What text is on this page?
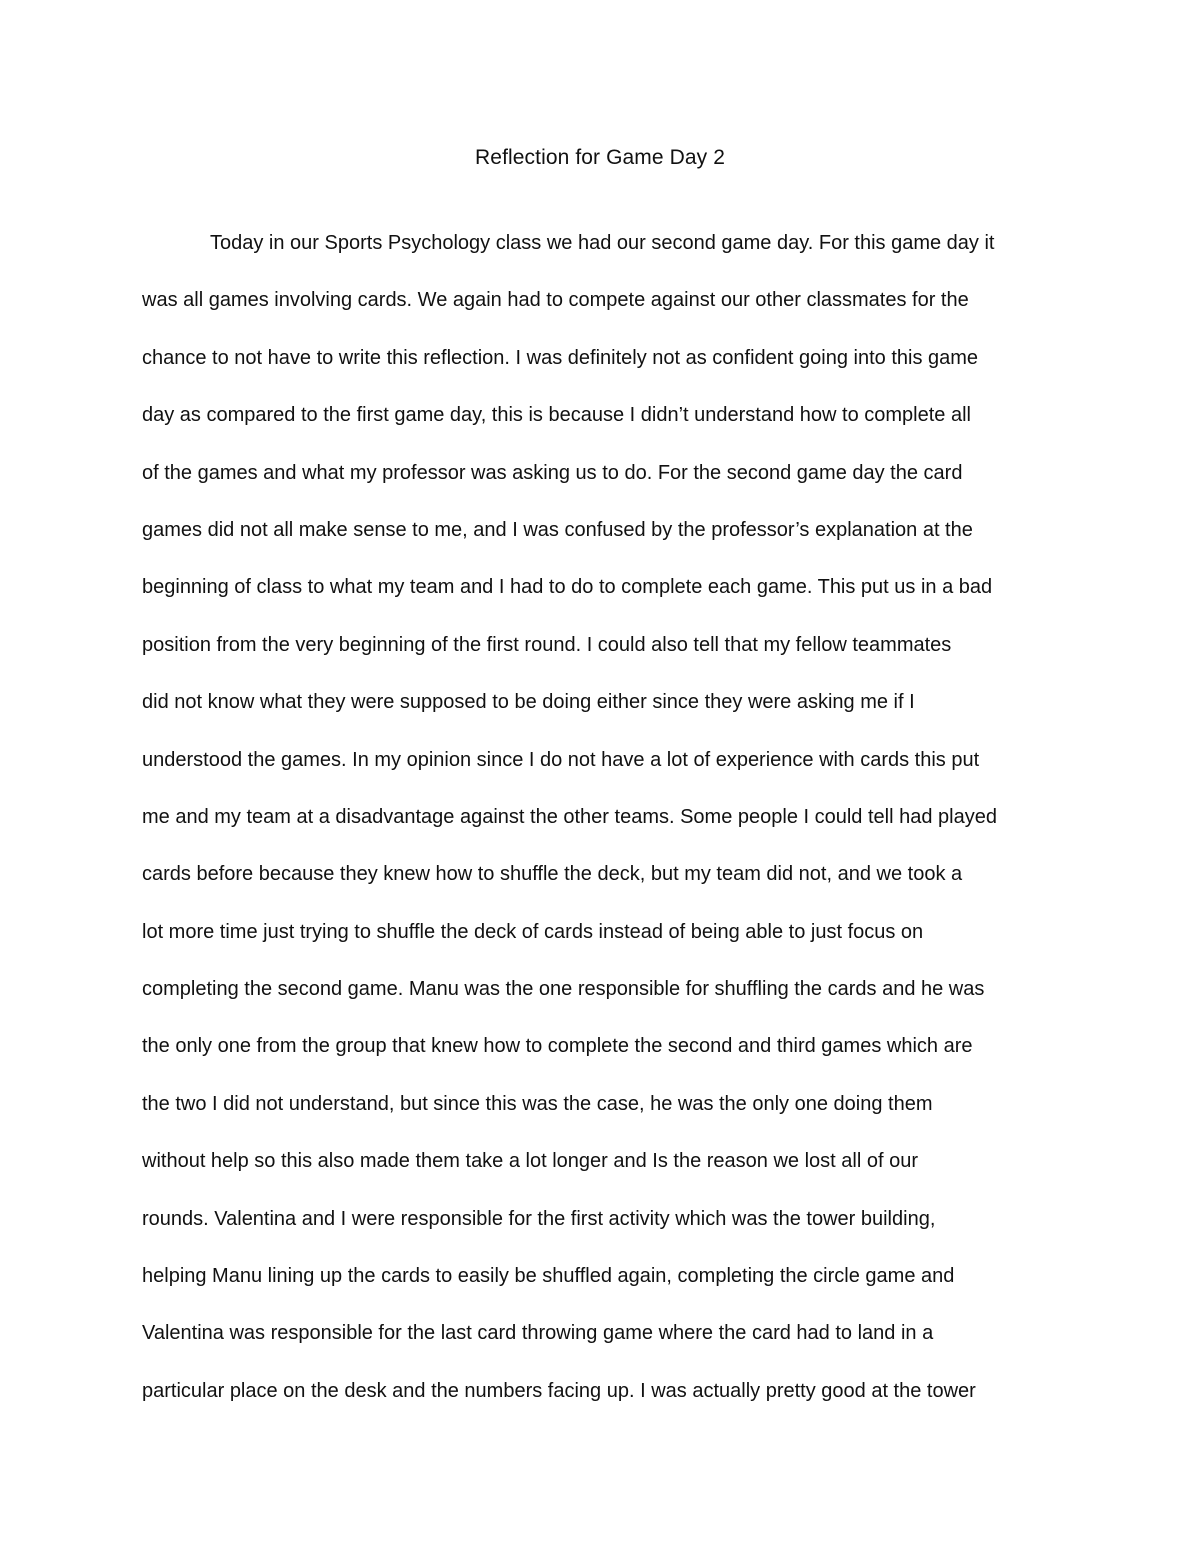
Reflection for Game Day 2
Today in our Sports Psychology class we had our second game day. For this game day it
was all games involving cards. We again had to compete against our other classmates for the
chance to not have to write this reflection. I was definitely not as confident going into this game
day as compared to the first game day, this is because I didn’t understand how to complete all
of the games and what my professor was asking us to do. For the second game day the card
games did not all make sense to me, and I was confused by the professor’s explanation at the
beginning of class to what my team and I had to do to complete each game. This put us in a bad
position from the very beginning of the first round. I could also tell that my fellow teammates
did not know what they were supposed to be doing either since they were asking me if I
understood the games. In my opinion since I do not have a lot of experience with cards this put
me and my team at a disadvantage against the other teams. Some people I could tell had played
cards before because they knew how to shuffle the deck, but my team did not, and we took a
lot more time just trying to shuffle the deck of cards instead of being able to just focus on
completing the second game. Manu was the one responsible for shuffling the cards and he was
the only one from the group that knew how to complete the second and third games which are
the two I did not understand, but since this was the case, he was the only one doing them
without help so this also made them take a lot longer and Is the reason we lost all of our
rounds. Valentina and I were responsible for the first activity which was the tower building,
helping Manu lining up the cards to easily be shuffled again, completing the circle game and
Valentina was responsible for the last card throwing game where the card had to land in a
particular place on the desk and the numbers facing up. I was actually pretty good at the tower
